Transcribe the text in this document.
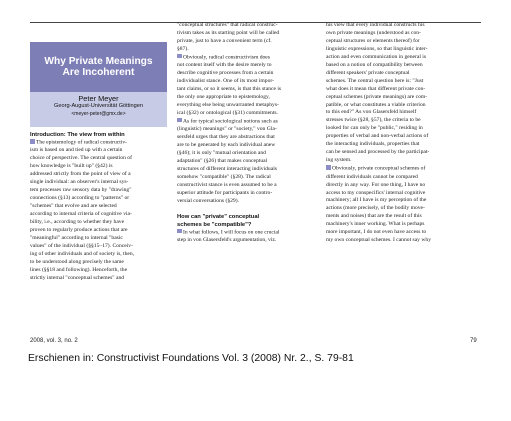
Why Private Meanings
Are Incoherent
Peter Meyer
Georg-August-Universität Göttingen
<meyer-peter@gmx.de>
Introduction: The view from within
The epistemology of radical constructiv-
ism is based on and tied up with a certain
choice of perspective. The central question of
how knowledge is "built up" (§42) is
addressed strictly from the point of view of a
single individual: an observer's internal sys-
tem processes raw sensory data by "drawing"
connections (§13) according to "patterns" or
"schemes" that evolve and are selected
according to internal criteria of cognitive via-
bility, i.e., according to whether they have
proven to regularly produce actions that are
"meaningful" according to internal "basic
values" of the individual (§§15–17). Conceiv-
ing of other individuals and of society is, then,
to be understood along precisely the same
lines (§§18 and following). Henceforth, the
strictly internal "conceptual schemes" and
"conceptual structures" that radical construc-
tivism takes as its starting point will be called
private, just to have a convenient term (cf.
§87).
Obviously, radical constructivism does
not content itself with the desire merely to
describe cognitive processes from a certain
individualist stance. One of its most impor-
tant claims, or so it seems, is that this stance is
the only one appropriate to epistemology,
everything else being unwarranted metaphys-
ical (§32) or ontological (§31) commitments.
As for typical sociological notions such as
(linguistic) meanings" or "society," von Gla-
sersfeld urges that they are abstractions that
are to be generated by each individual anew
(§46); it is only "mutual orientation and
adaptation" (§26) that makes conceptual
structures of different interacting individuals
somehow "compatible" (§28). The radical
constructivist stance is even assumed to be a
superior attitude for participants in contro-
versial conversations (§29).
How can "private" conceptual
schemes be "compatible"?
In what follows, I will focus on one crucial
step in von Glasersfeld's argumentation, viz.
his view that every individual constructs his
own private meanings (understood as con-
ceptual structures or elements thereof) for
linguistic expressions, so that linguistic inter-
action and even communication in general is
based on a notion of compatibility between
different speakers' private conceptual
schemes. The central question here is: "Just
what does it mean that different private con-
ceptual schemes (private meanings) are com-
patible, or what constitutes a viable criterion
to this end?" As von Glasersfeld himself
stresses twice (§28, §57), the criteria to be
looked for can only be "public," residing in
properties of verbal and non-verbal actions of
the interacting individuals, properties that
can be sensed and processed by the participat-
ing system.
Obviously, private conceptual schemes of
different individuals cannot be compared
directly in any way. For one thing, I have no
access to my conspecifics' internal cognitive
machinery; all I have is my perception of the
actions (more precisely, of the bodily move-
ments and noises) that are the result of this
machinery's inner working. What is perhaps
more important, I do not even have access to
my own conceptual schemes. I cannot say why
2008, vol. 3, no. 2	79
Erschienen in: Constructivist Foundations Vol. 3 (2008) Nr. 2., S. 79-81
